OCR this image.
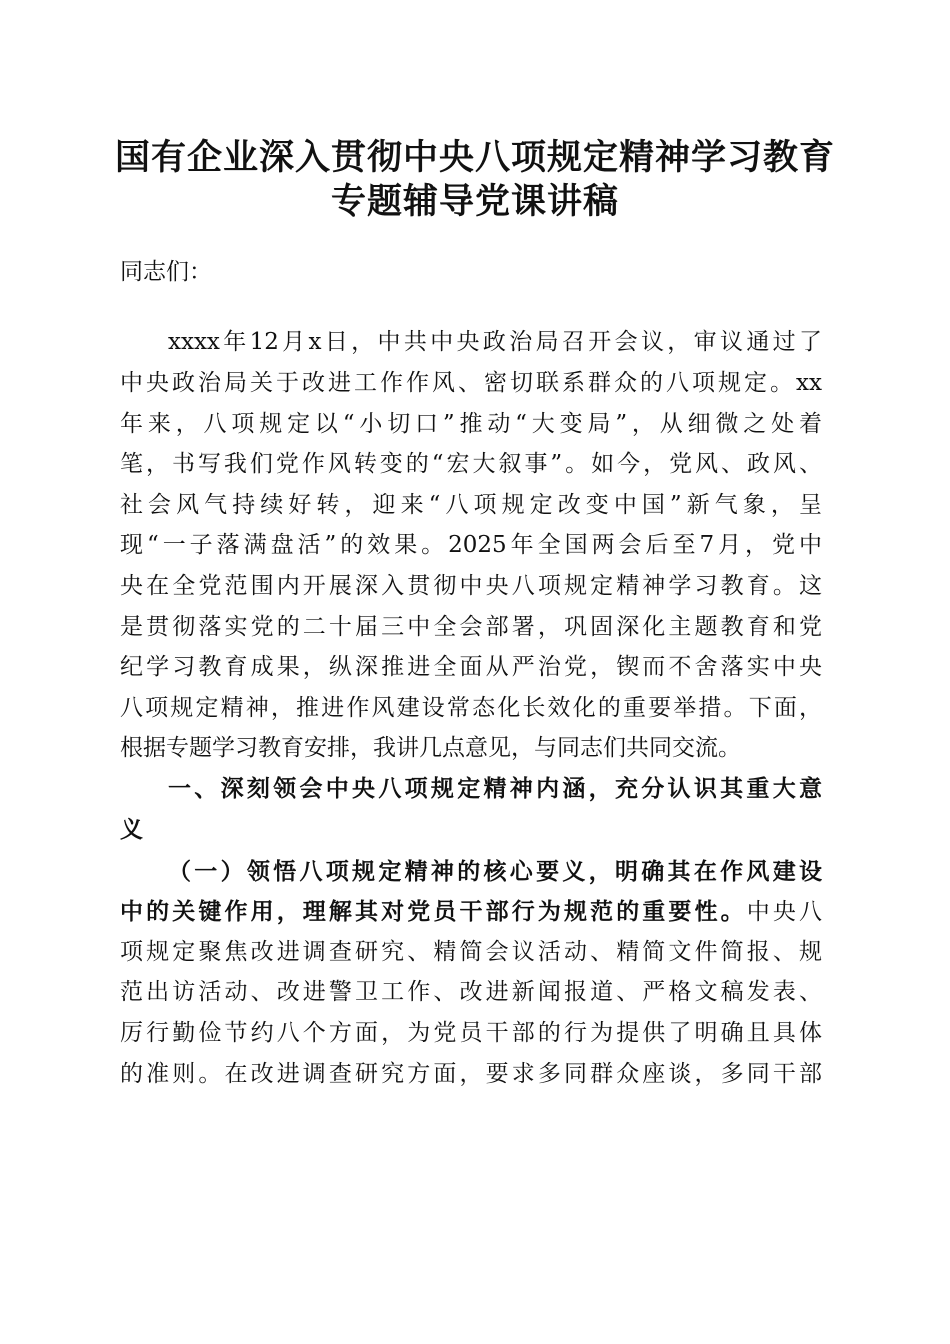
国有企业深入贯彻中央八项规定精神学习教育
专题辅导党课讲稿
同志们：
xxxx年12月x日，中共中央政治局召开会议，审议通过了
中央政治局关于改进工作作风、密切联系群众的八项规定。xx
年来，八项规定以“小切口”推动“大变局”，从细微之处着
笔，书写我们党作风转变的“宏大叙事”。如今，党风、政风、
社会风气持续好转，迎来“八项规定改变中国”新气象，呈
现“一子落满盘活”的效果。2025年全国两会后至7月，党中
央在全党范围内开展深入贯彻中央八项规定精神学习教育。这
是贯彻落实党的二十届三中全会部署，巩固深化主题教育和党
纪学习教育成果，纵深推进全面从严治党，锲而不舍落实中央
八项规定精神，推进作风建设常态化长效化的重要举措。下面，
根据专题学习教育安排，我讲几点意见，与同志们共同交流。
一、深刻领会中央八项规定精神内涵，充分认识其重大意
义
（一）领悟八项规定精神的核心要义，明确其在作风建设
中的关键作用，理解其对党员干部行为规范的重要性。中央八
项规定聚焦改进调查研究、精简会议活动、精简文件简报、规
范出访活动、改进警卫工作、改进新闻报道、严格文稿发表、
厉行勤俭节约八个方面，为党员干部的行为提供了明确且具体
的准则。在改进调查研究方面，要求多同群众座谈，多同干部
